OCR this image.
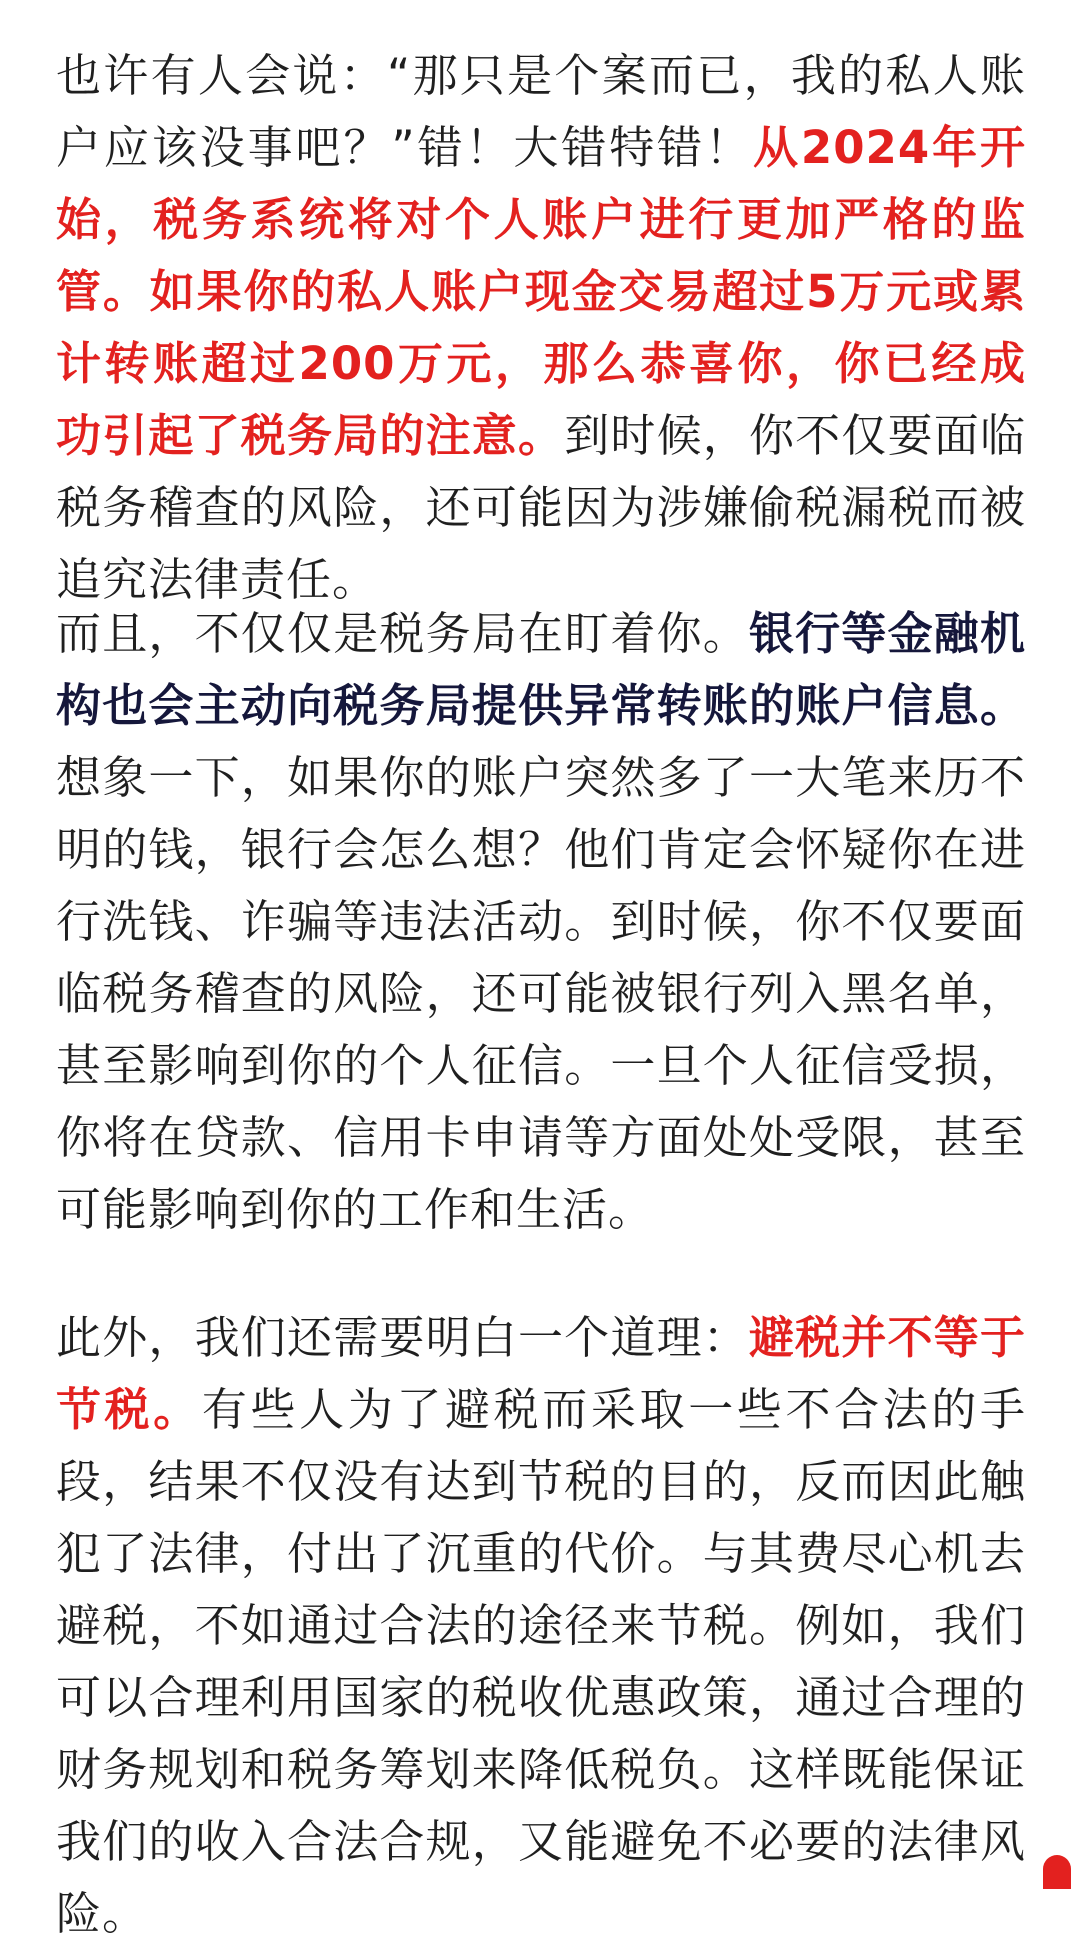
也许有人会说：“那只是个案而已，我的私人账户应该没事吧？”错！大错特错！从2024年开始，税务系统将对个人账户进行更加严格的监管。如果你的私人账户现金交易超过5万元或累计转账超过200万元，那么恭喜你，你已经成功引起了税务局的注意。到时候，你不仅要面临税务稽查的风险，还可能因为涉嫌偷税漏税而被追究法律责任。

而且，不仅仅是税务局在盯着你。银行等金融机构也会主动向税务局提供异常转账的账户信息。想象一下，如果你的账户突然多了一大笔来历不明的钱，银行会怎么想？他们肯定会怀疑你在进行洗钱、诈骗等违法活动。到时候，你不仅要面临税务稽查的风险，还可能被银行列入黑名单，甚至影响到你的个人征信。一旦个人征信受损，你将在贷款、信用卡申请等方面处处受限，甚至可能影响到你的工作和生活。

此外，我们还需要明白一个道理：避税并不等于节税。有些人为了避税而采取一些不合法的手段，结果不仅没有达到节税的目的，反而因此触犯了法律，付出了沉重的代价。与其费尽心机去避税，不如通过合法的途径来节税。例如，我们可以合理利用国家的税收优惠政策，通过合理的财务规划和税务筹划来降低税负。这样既能保证我们的收入合法合规，又能避免不必要的法律风险。
